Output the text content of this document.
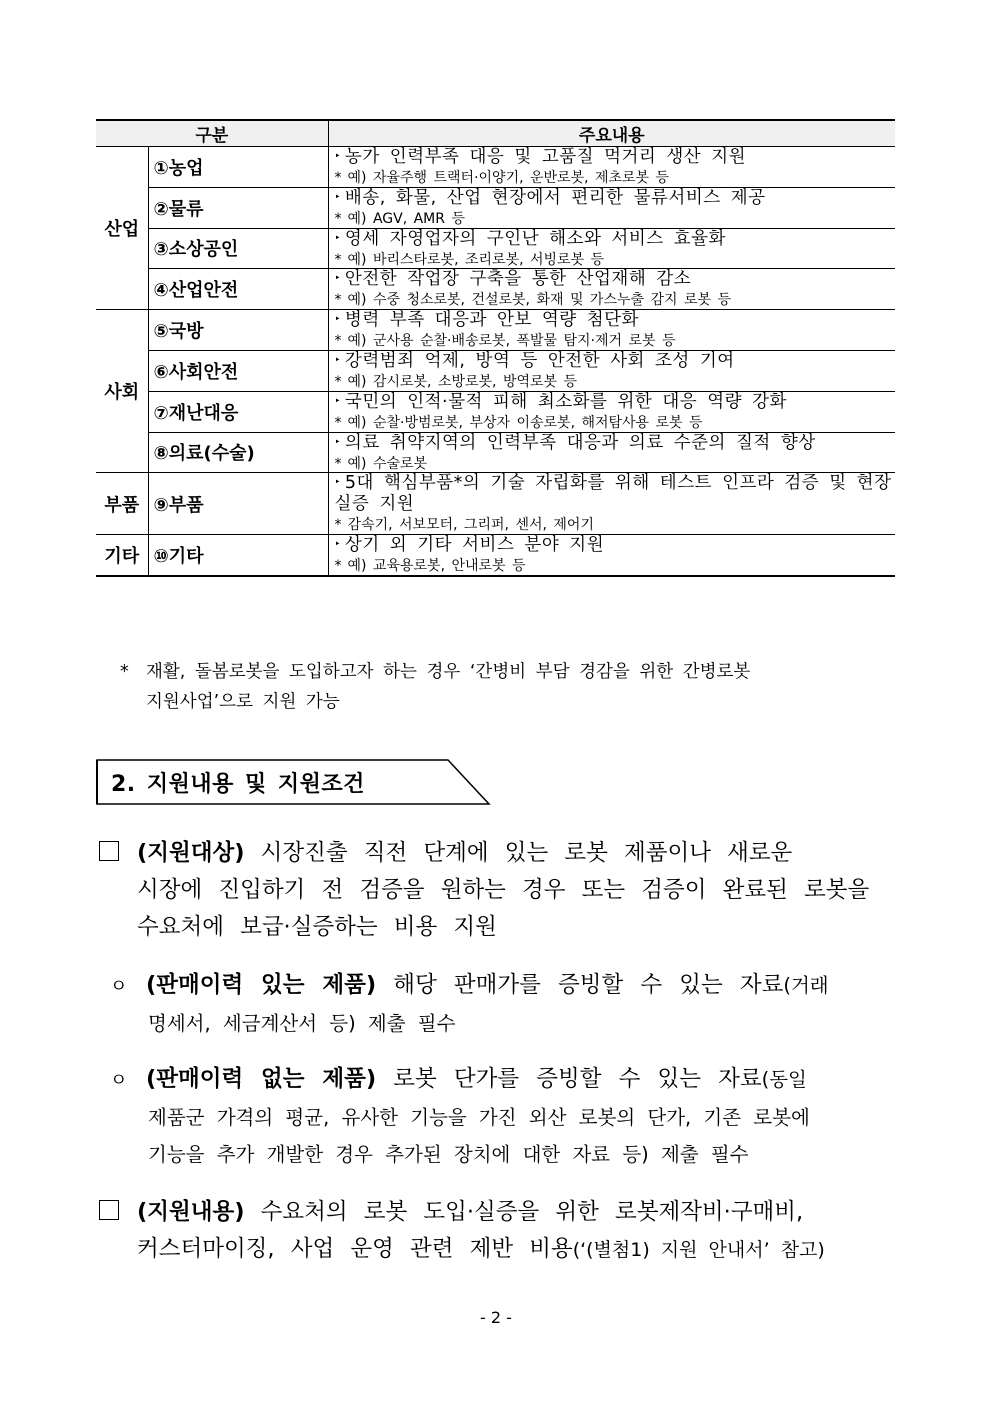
구분		주요내용
산업	①농업	‣ 농가 인력부족 대응 및 고품질 먹거리 생산 지원
* 예) 자율주행 트랙터·이양기, 운반로봇, 제초로봇 등

	②물류	‣ 배송, 화물, 산업 현장에서 편리한 물류서비스 제공
* 예) AGV, AMR 등

	③소상공인	‣ 영세 자영업자의 구인난 해소와 서비스 효율화
* 예) 바리스타로봇, 조리로봇, 서빙로봇 등

	④산업안전	‣ 안전한 작업장 구축을 통한 산업재해 감소
* 예) 수중 청소로봇, 건설로봇, 화재 및 가스누출 감지 로봇 등

사회	⑤국방	‣ 병력 부족 대응과 안보 역량 첨단화
* 예) 군사용 순찰·배송로봇, 폭발물 탐지·제거 로봇 등

	⑥사회안전	‣ 강력범죄 억제, 방역 등 안전한 사회 조성 기여
* 예) 감시로봇, 소방로봇, 방역로봇 등

	⑦재난대응	‣ 국민의 인적·물적 피해 최소화를 위한 대응 역량 강화
* 예) 순찰·방범로봇, 부상자 이송로봇, 해저탐사용 로봇 등

	⑧의료(수술)	‣ 의료 취약지역의 인력부족 대응과 의료 수준의 질적 향상
* 예) 수술로봇

부품	⑨부품	‣ 5대 핵심부품*의 기술 자립화를 위해 테스트 인프라 검증 및 현장 실증 지원
* 감속기, 서보모터, 그리퍼, 센서, 제어기

기타	⑩기타	‣ 상기 외 기타 서비스 분야 지원
* 예) 교육용로봇, 안내로봇 등
* 재활, 돌봄로봇을 도입하고자 하는 경우 ‘간병비 부담 경감을 위한 간병로봇
지원사업’으로 지원 가능
2. 지원내용 및 지원조건
(지원대상) 시장진출 직전 단계에 있는 로봇 제품이나 새로운
시장에 진입하기 전 검증을 원하는 경우 또는 검증이 완료된 로봇을
수요처에 보급·실증하는 비용 지원
ㅇ (판매이력 있는 제품) 해당 판매가를 증빙할 수 있는 자료(거래
명세서, 세금계산서 등) 제출 필수
ㅇ (판매이력 없는 제품) 로봇 단가를 증빙할 수 있는 자료(동일
제품군 가격의 평균, 유사한 기능을 가진 외산 로봇의 단가, 기존 로봇에
기능을 추가 개발한 경우 추가된 장치에 대한 자료 등) 제출 필수
(지원내용) 수요처의 로봇 도입·실증을 위한 로봇제작비·구매비,
커스터마이징, 사업 운영 관련 제반 비용(‘(별첨1) 지원 안내서’ 참고)
- 2 -
